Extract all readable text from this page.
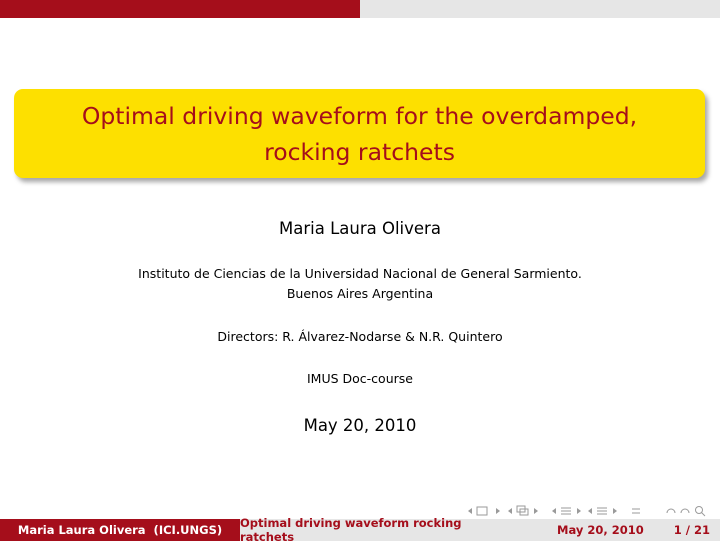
Optimal driving waveform for the overdamped, rocking ratchets
Maria Laura Olivera
Instituto de Ciencias de la Universidad Nacional de General Sarmiento.
Buenos Aires Argentina
Directors: R. Álvarez-Nodarse & N.R. Quintero
IMUS Doc-course
May 20, 2010
Maria Laura Olivera  (ICI.UNGS) Optimal driving waveform rocking ratchets	May 20, 2010	1 / 21
